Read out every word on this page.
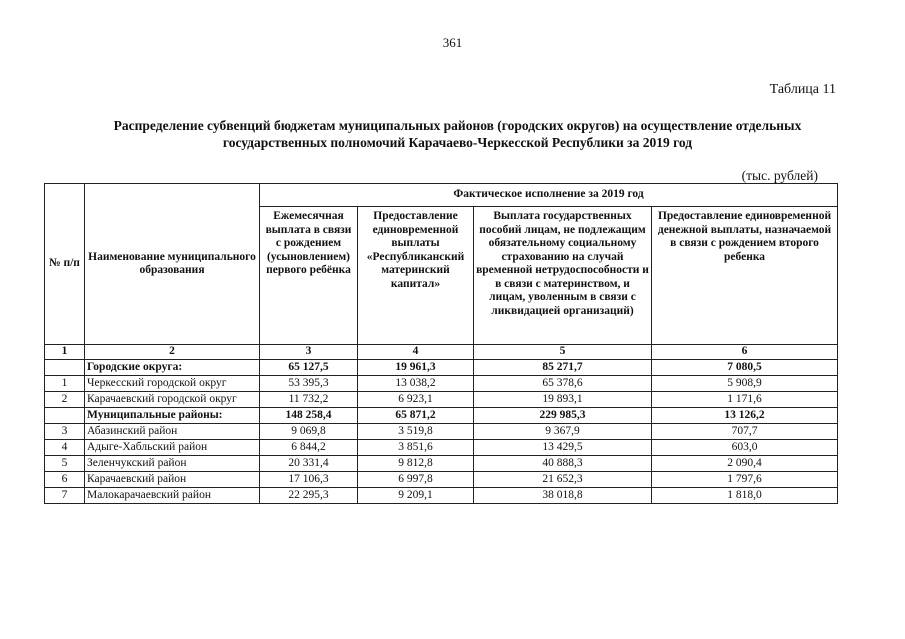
361
Таблица 11
Распределение субвенций бюджетам муниципальных районов (городских округов) на осуществление отдельных
государственных полномочий Карачаево-Черкесской Республики за 2019 год
(тыс. рублей)
№ п/п	Наименование муниципального образования	Фактическое исполнение за 2019 год			
		Ежемесячная выплата в связи с рождением (усыновлением) первого ребёнка	Предоставление единовременной выплаты «Республиканский материнский капитал»	Выплата государственных пособий лицам, не подлежащим обязательному социальному страхованию на случай временной нетрудоспособности и в связи с материнством, и лицам, уволенным в связи с ликвидацией организаций)	Предоставление единовременной денежной выплаты, назначаемой в связи с рождением второго ребенка
1	2	3	4	5	6
	Городские округа:	65 127,5	19 961,3	85 271,7	7 080,5
1	Черкесский городской округ	53 395,3	13 038,2	65 378,6	5 908,9
2	Карачаевский городской округ	11 732,2	6 923,1	19 893,1	1 171,6
	Муниципальные районы:	148 258,4	65 871,2	229 985,3	13 126,2
3	Абазинский район	9 069,8	3 519,8	9 367,9	707,7
4	Адыге-Хабльский район	6 844,2	3 851,6	13 429,5	603,0
5	Зеленчукский район	20 331,4	9 812,8	40 888,3	2 090,4
6	Карачаевский район	17 106,3	6 997,8	21 652,3	1 797,6
7	Малокарачаевский район	22 295,3	9 209,1	38 018,8	1 818,0
